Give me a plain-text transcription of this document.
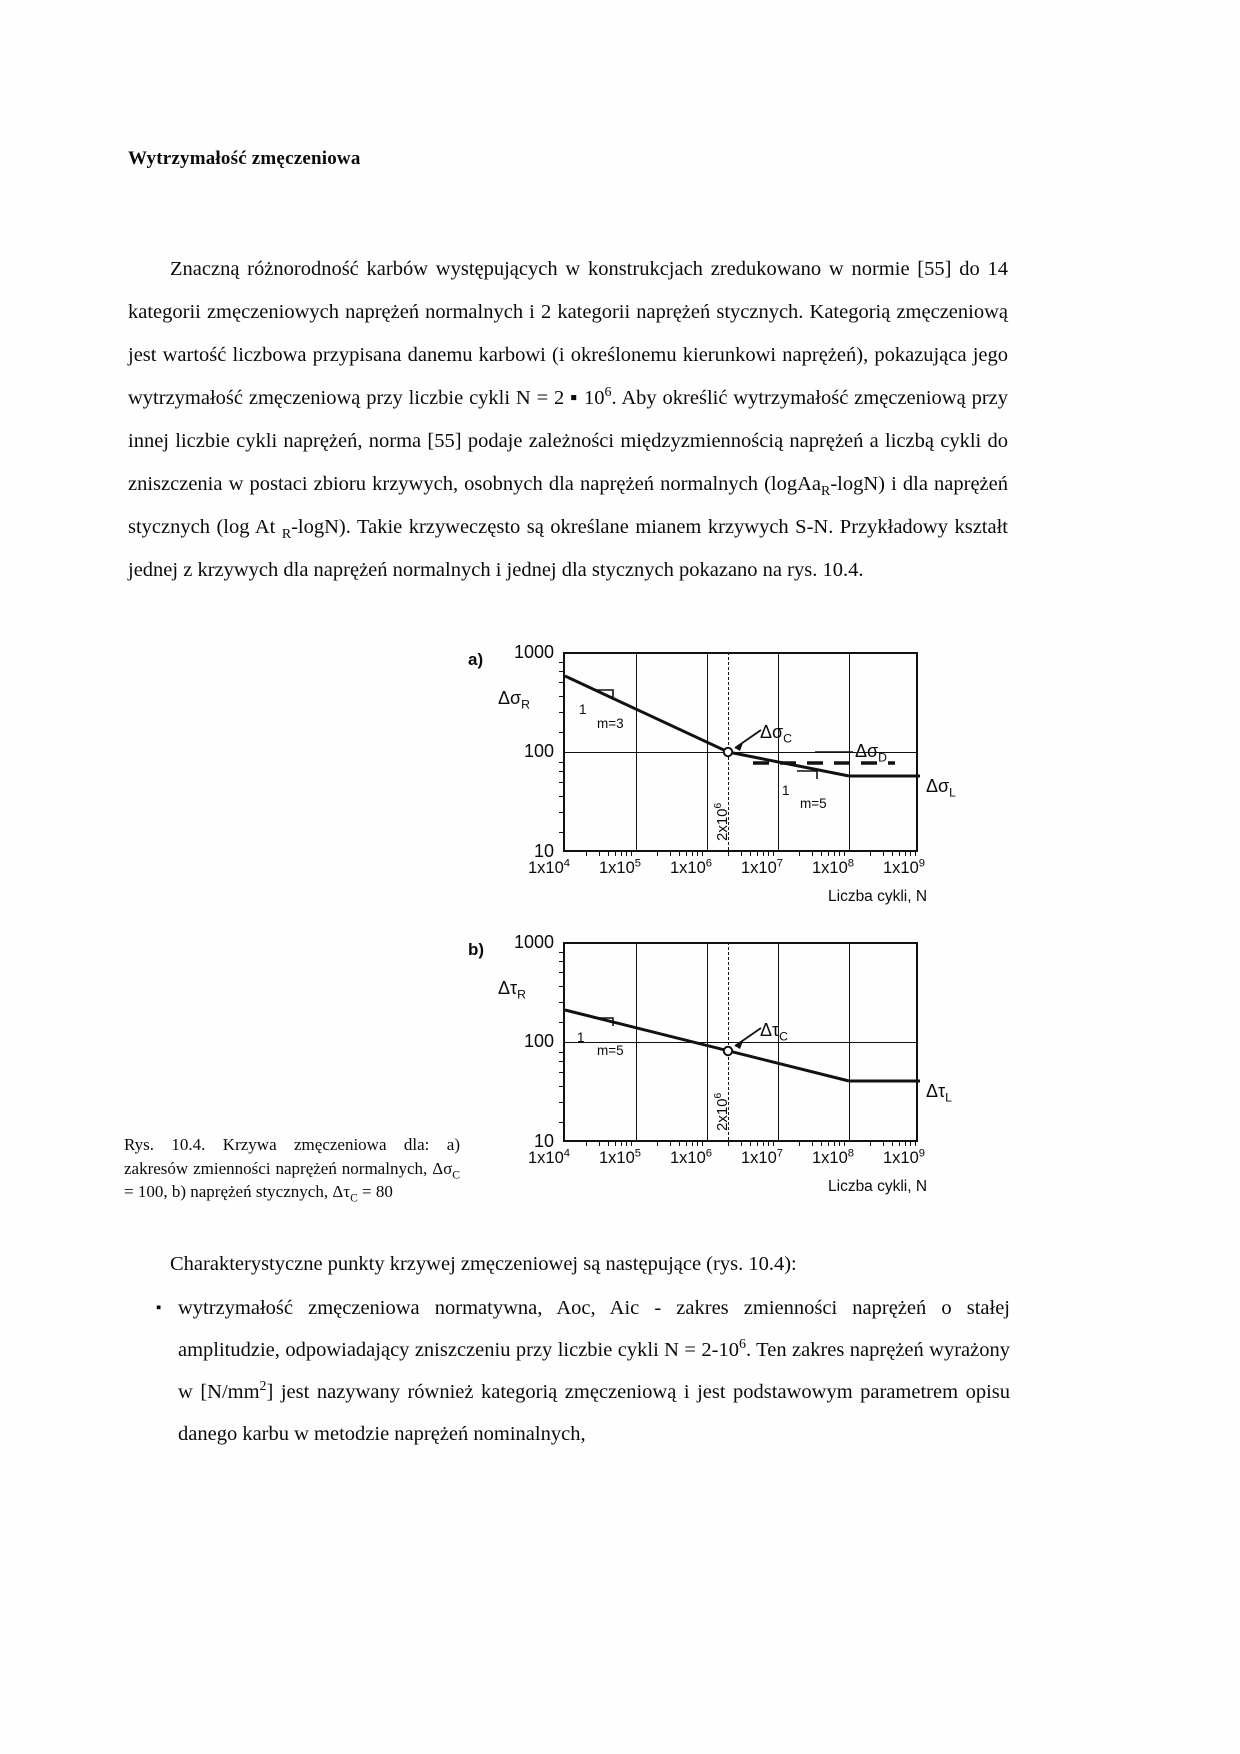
Wytrzymałość zmęczeniowa

Znaczną różnorodność karbów występujących w konstrukcjach zredukowano w normie [55] do 14 kategorii zmęczeniowych naprężeń normalnych i 2 kategorii naprężeń stycznych. Kategorią zmęczeniową jest wartość liczbowa przypisana danemu karbowi (i określonemu kierunkowi naprężeń), pokazująca jego wytrzymałość zmęczeniową przy liczbie cykli N = 2 ▪ $10^6$. Aby określić wytrzymałość zmęczeniową przy innej liczbie cykli naprężeń, norma [55] podaje zależności międzyzmiennością naprężeń a liczbą cykli do zniszczenia w postaci zbioru krzywych, osobnych dla naprężeń normalnych (logAa$_R$-logN) i dla naprężeń stycznych (log At $_R$-logN). Takie krzyweczęsto są określane mianem krzywych S-N. Przykładowy kształt jednej z krzywych dla naprężeń normalnych i jednej dla stycznych pokazano na rys. 10.4.

a)	1000
100
10
$\Delta\sigma_R$	1
m=3
1
m=5
$\Delta\sigma_C$
$\Delta\sigma_D$
$\Delta\sigma_L$
$2x10^6$
$1x10^4$ $1x10^5$ $1x10^6$ $1x10^7$ $1x10^8$ $1x10^9$
Liczba cykli, N
b)	1000
100
10
$\Delta\tau_R$
1
m=5
$\Delta\tau_C$
$\Delta\tau_L$
$2x10^6$
$1x10^4$ $1x10^5$ $1x10^6$ $1x10^7$ $1x10^8$ $1x10^9$
Liczba cykli, N
Rys. 10.4. Krzywa zmęczeniowa dla: a) zakresów zmienności naprężeń normalnych, $\Delta\sigma_C = 100$, b) naprężeń stycznych, $\Delta\tau_C = 80$

Charakterystyczne punkty krzywej zmęczeniowej są następujące (rys. 10.4):

▪ wytrzymałość zmęczeniowa normatywna, Aoc, Aic - zakres zmienności naprężeń o stałej amplitudzie, odpowiadający zniszczeniu przy liczbie cykli $N = 2-10^6$. Ten zakres naprężeń wyrażony w $[N/mm^2]$ jest nazywany również kategorią zmęczeniową i jest podstawowym parametrem opisu danego karbu w metodzie naprężeń nominalnych,
